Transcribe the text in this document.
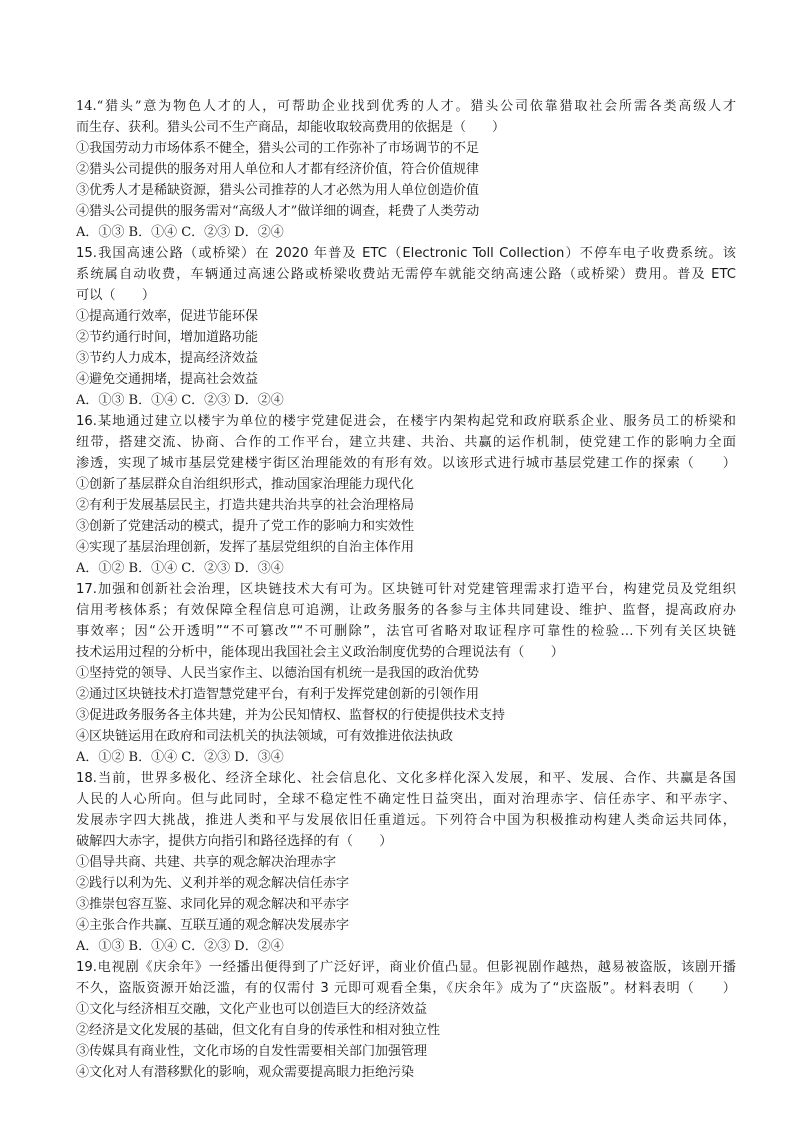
14.“猎头”意为物色人才的人，可帮助企业找到优秀的人才。猎头公司依靠猎取社会所需各类高级人才
而生存、获利。猎头公司不生产商品，却能收取较高费用的依据是（　　）
①我国劳动力市场体系不健全，猎头公司的工作弥补了市场调节的不足
②猎头公司提供的服务对用人单位和人才都有经济价值，符合价值规律
③优秀人才是稀缺资源，猎头公司推荐的人才必然为用人单位创造价值
④猎头公司提供的服务需对“高级人才”做详细的调查，耗费了人类劳动
A．①③ B．①④ C．②③ D．②④
15.我国高速公路（或桥梁）在 2020 年普及 ETC（Electronic Toll Collection）不停车电子收费系统。该
系统属自动收费，车辆通过高速公路或桥梁收费站无需停车就能交纳高速公路（或桥梁）费用。普及 ETC
可以（　　）
①提高通行效率，促进节能环保
②节约通行时间，增加道路功能
③节约人力成本，提高经济效益
④避免交通拥堵，提高社会效益
A．①③ B．①④ C．②③ D．②④
16.某地通过建立以楼宇为单位的楼宇党建促进会，在楼宇内架构起党和政府联系企业、服务员工的桥梁和
纽带，搭建交流、协商、合作的工作平台，建立共建、共治、共赢的运作机制，使党建工作的影响力全面
渗透，实现了城市基层党建楼宇街区治理能效的有形有效。以该形式进行城市基层党建工作的探索（　　）
①创新了基层群众自治组织形式，推动国家治理能力现代化
②有利于发展基层民主，打造共建共治共享的社会治理格局
③创新了党建活动的模式，提升了党工作的影响力和实效性
④实现了基层治理创新，发挥了基层党组织的自治主体作用
A．①② B．①④ C．②③ D．③④
17.加强和创新社会治理，区块链技术大有可为。区块链可针对党建管理需求打造平台，构建党员及党组织
信用考核体系；有效保障全程信息可追溯，让政务服务的各参与主体共同建设、维护、监督，提高政府办
事效率；因“公开透明”“不可篡改”“不可删除”，法官可省略对取证程序可靠性的检验…下列有关区块链
技术运用过程的分析中，能体现出我国社会主义政治制度优势的合理说法有（　　）
①坚持党的领导、人民当家作主、以德治国有机统一是我国的政治优势
②通过区块链技术打造智慧党建平台，有利于发挥党建创新的引领作用
③促进政务服务各主体共建，并为公民知情权、监督权的行使提供技术支持
④区块链运用在政府和司法机关的执法领域，可有效推进依法执政
A．①② B．①④ C．②③ D．③④
18.当前，世界多极化、经济全球化、社会信息化、文化多样化深入发展，和平、发展、合作、共赢是各国
人民的人心所向。但与此同时，全球不稳定性不确定性日益突出，面对治理赤字、信任赤字、和平赤字、
发展赤字四大挑战，推进人类和平与发展依旧任重道远。下列符合中国为积极推动构建人类命运共同体，
破解四大赤字，提供方向指引和路径选择的有（　　）
①倡导共商、共建、共享的观念解决治理赤字
②践行以利为先、义利并举的观念解决信任赤字
③推崇包容互鉴、求同化异的观念解决和平赤字
④主张合作共赢、互联互通的观念解决发展赤字
A．①③ B．①④ C．②③ D．②④
19.电视剧《庆余年》一经播出便得到了广泛好评，商业价值凸显。但影视剧作越热，越易被盗版，该剧开播
不久，盗版资源开始泛滥，有的仅需付 3 元即可观看全集，《庆余年》成为了“庆盗版”。材料表明（　　）
①文化与经济相互交融，文化产业也可以创造巨大的经济效益
②经济是文化发展的基础，但文化有自身的传承性和相对独立性
③传媒具有商业性，文化市场的自发性需要相关部门加强管理
④文化对人有潜移默化的影响，观众需要提高眼力拒绝污染
